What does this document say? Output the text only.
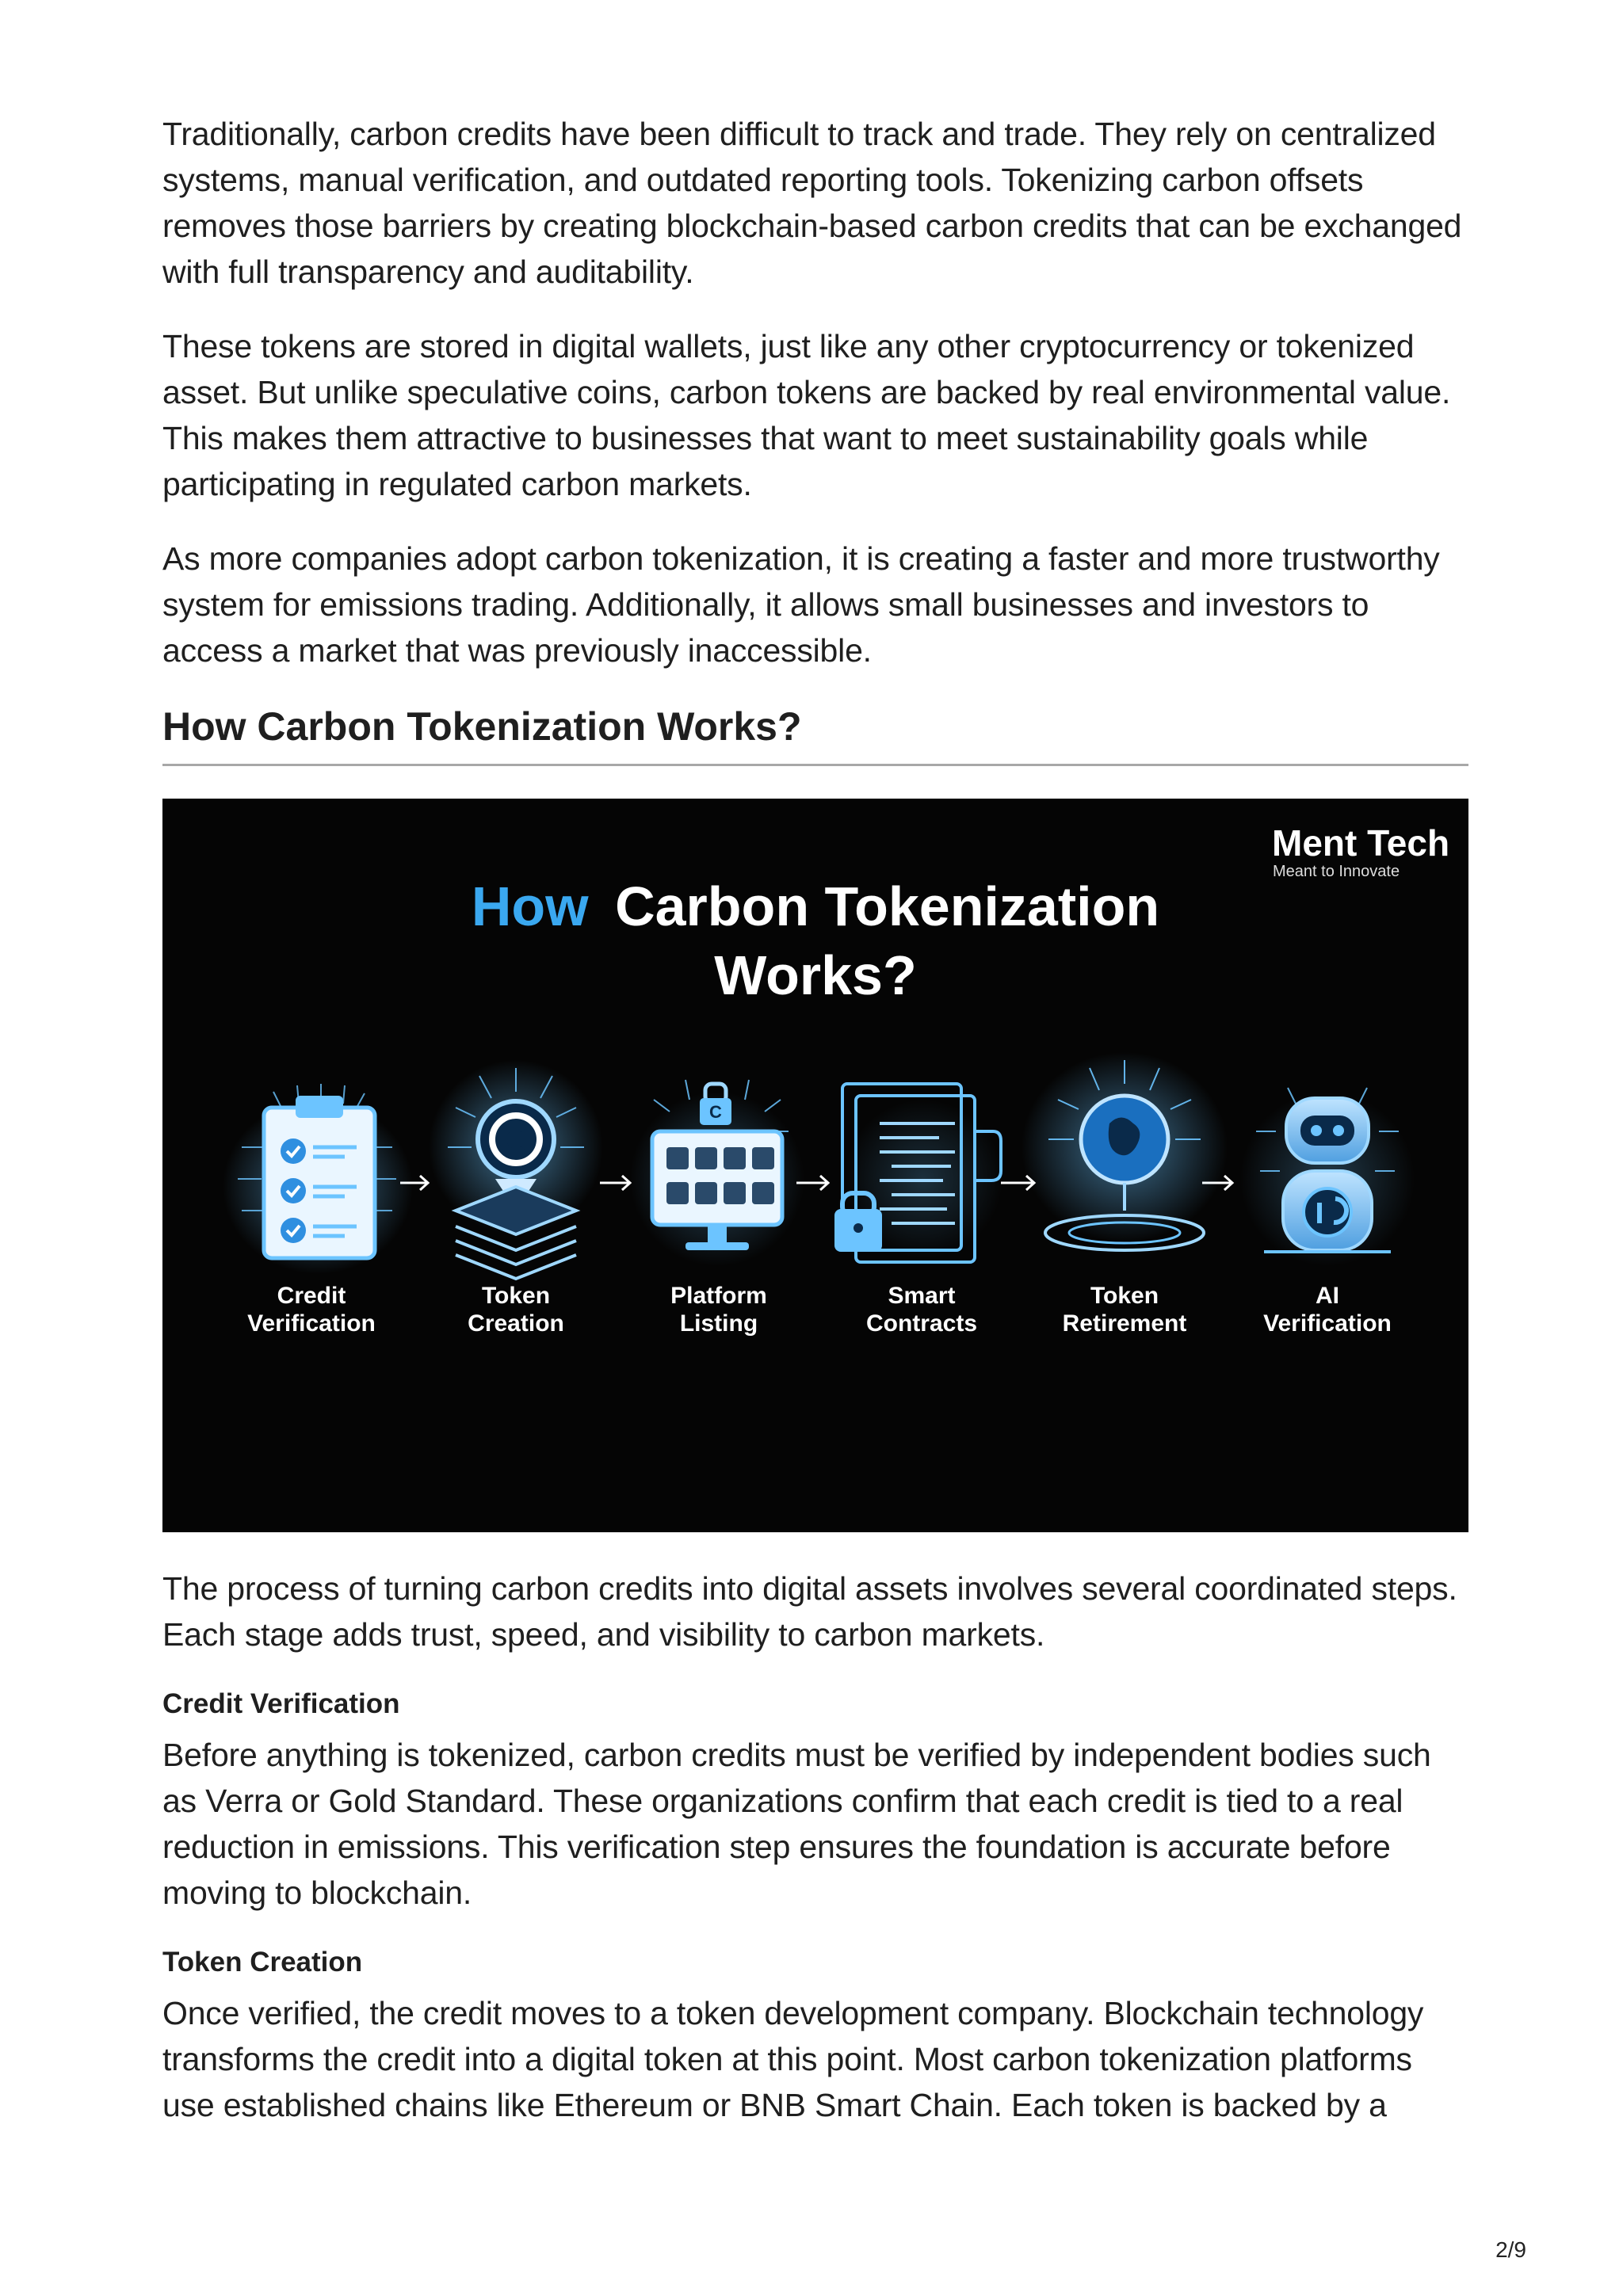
Traditionally, carbon credits have been difficult to track and trade. They rely on centralized systems, manual verification, and outdated reporting tools. Tokenizing carbon offsets removes those barriers by creating blockchain-based carbon credits that can be exchanged with full transparency and auditability.

These tokens are stored in digital wallets, just like any other cryptocurrency or tokenized asset. But unlike speculative coins, carbon tokens are backed by real environmental value. This makes them attractive to businesses that want to meet sustainability goals while participating in regulated carbon markets.

As more companies adopt carbon tokenization, it is creating a faster and more trustworthy system for emissions trading. Additionally, it allows small businesses and investors to access a market that was previously inaccessible.

How Carbon Tokenization Works?
Ment Tech
Meant to Innovate
How Carbon Tokenization
Works?
C
Credit
Verification
Token
Creation
Platform
Listing
Smart
Contracts
Token
Retirement
AI
Verification

The process of turning carbon credits into digital assets involves several coordinated steps. Each stage adds trust, speed, and visibility to carbon markets.

Credit Verification

Before anything is tokenized, carbon credits must be verified by independent bodies such as Verra or Gold Standard. These organizations confirm that each credit is tied to a real reduction in emissions. This verification step ensures the foundation is accurate before moving to blockchain.

Token Creation

Once verified, the credit moves to a token development company. Blockchain technology transforms the credit into a digital token at this point. Most carbon tokenization platforms use established chains like Ethereum or BNB Smart Chain. Each token is backed by a

2/9
